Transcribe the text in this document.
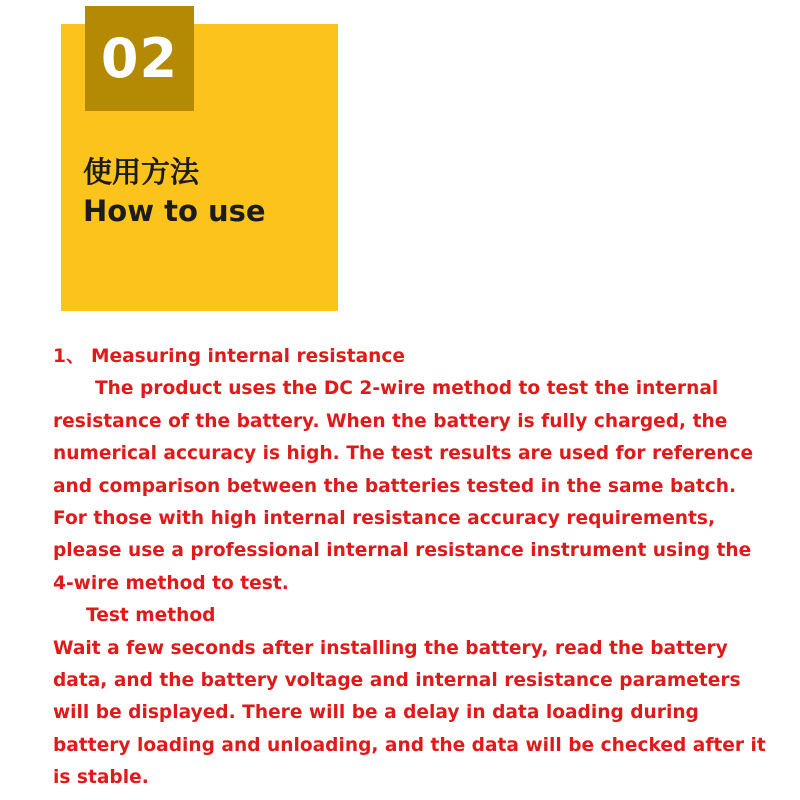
02
使用方法
How to use
1、 Measuring internal resistance
The product uses the DC 2-wire method to test the internal
resistance of the battery. When the battery is fully charged, the
numerical accuracy is high. The test results are used for reference
and comparison between the batteries tested in the same batch.
For those with high internal resistance accuracy requirements,
please use a professional internal resistance instrument using the
4-wire method to test.
Test method
Wait a few seconds after installing the battery, read the battery
data, and the battery voltage and internal resistance parameters
will be displayed. There will be a delay in data loading during
battery loading and unloading, and the data will be checked after it
is stable.
